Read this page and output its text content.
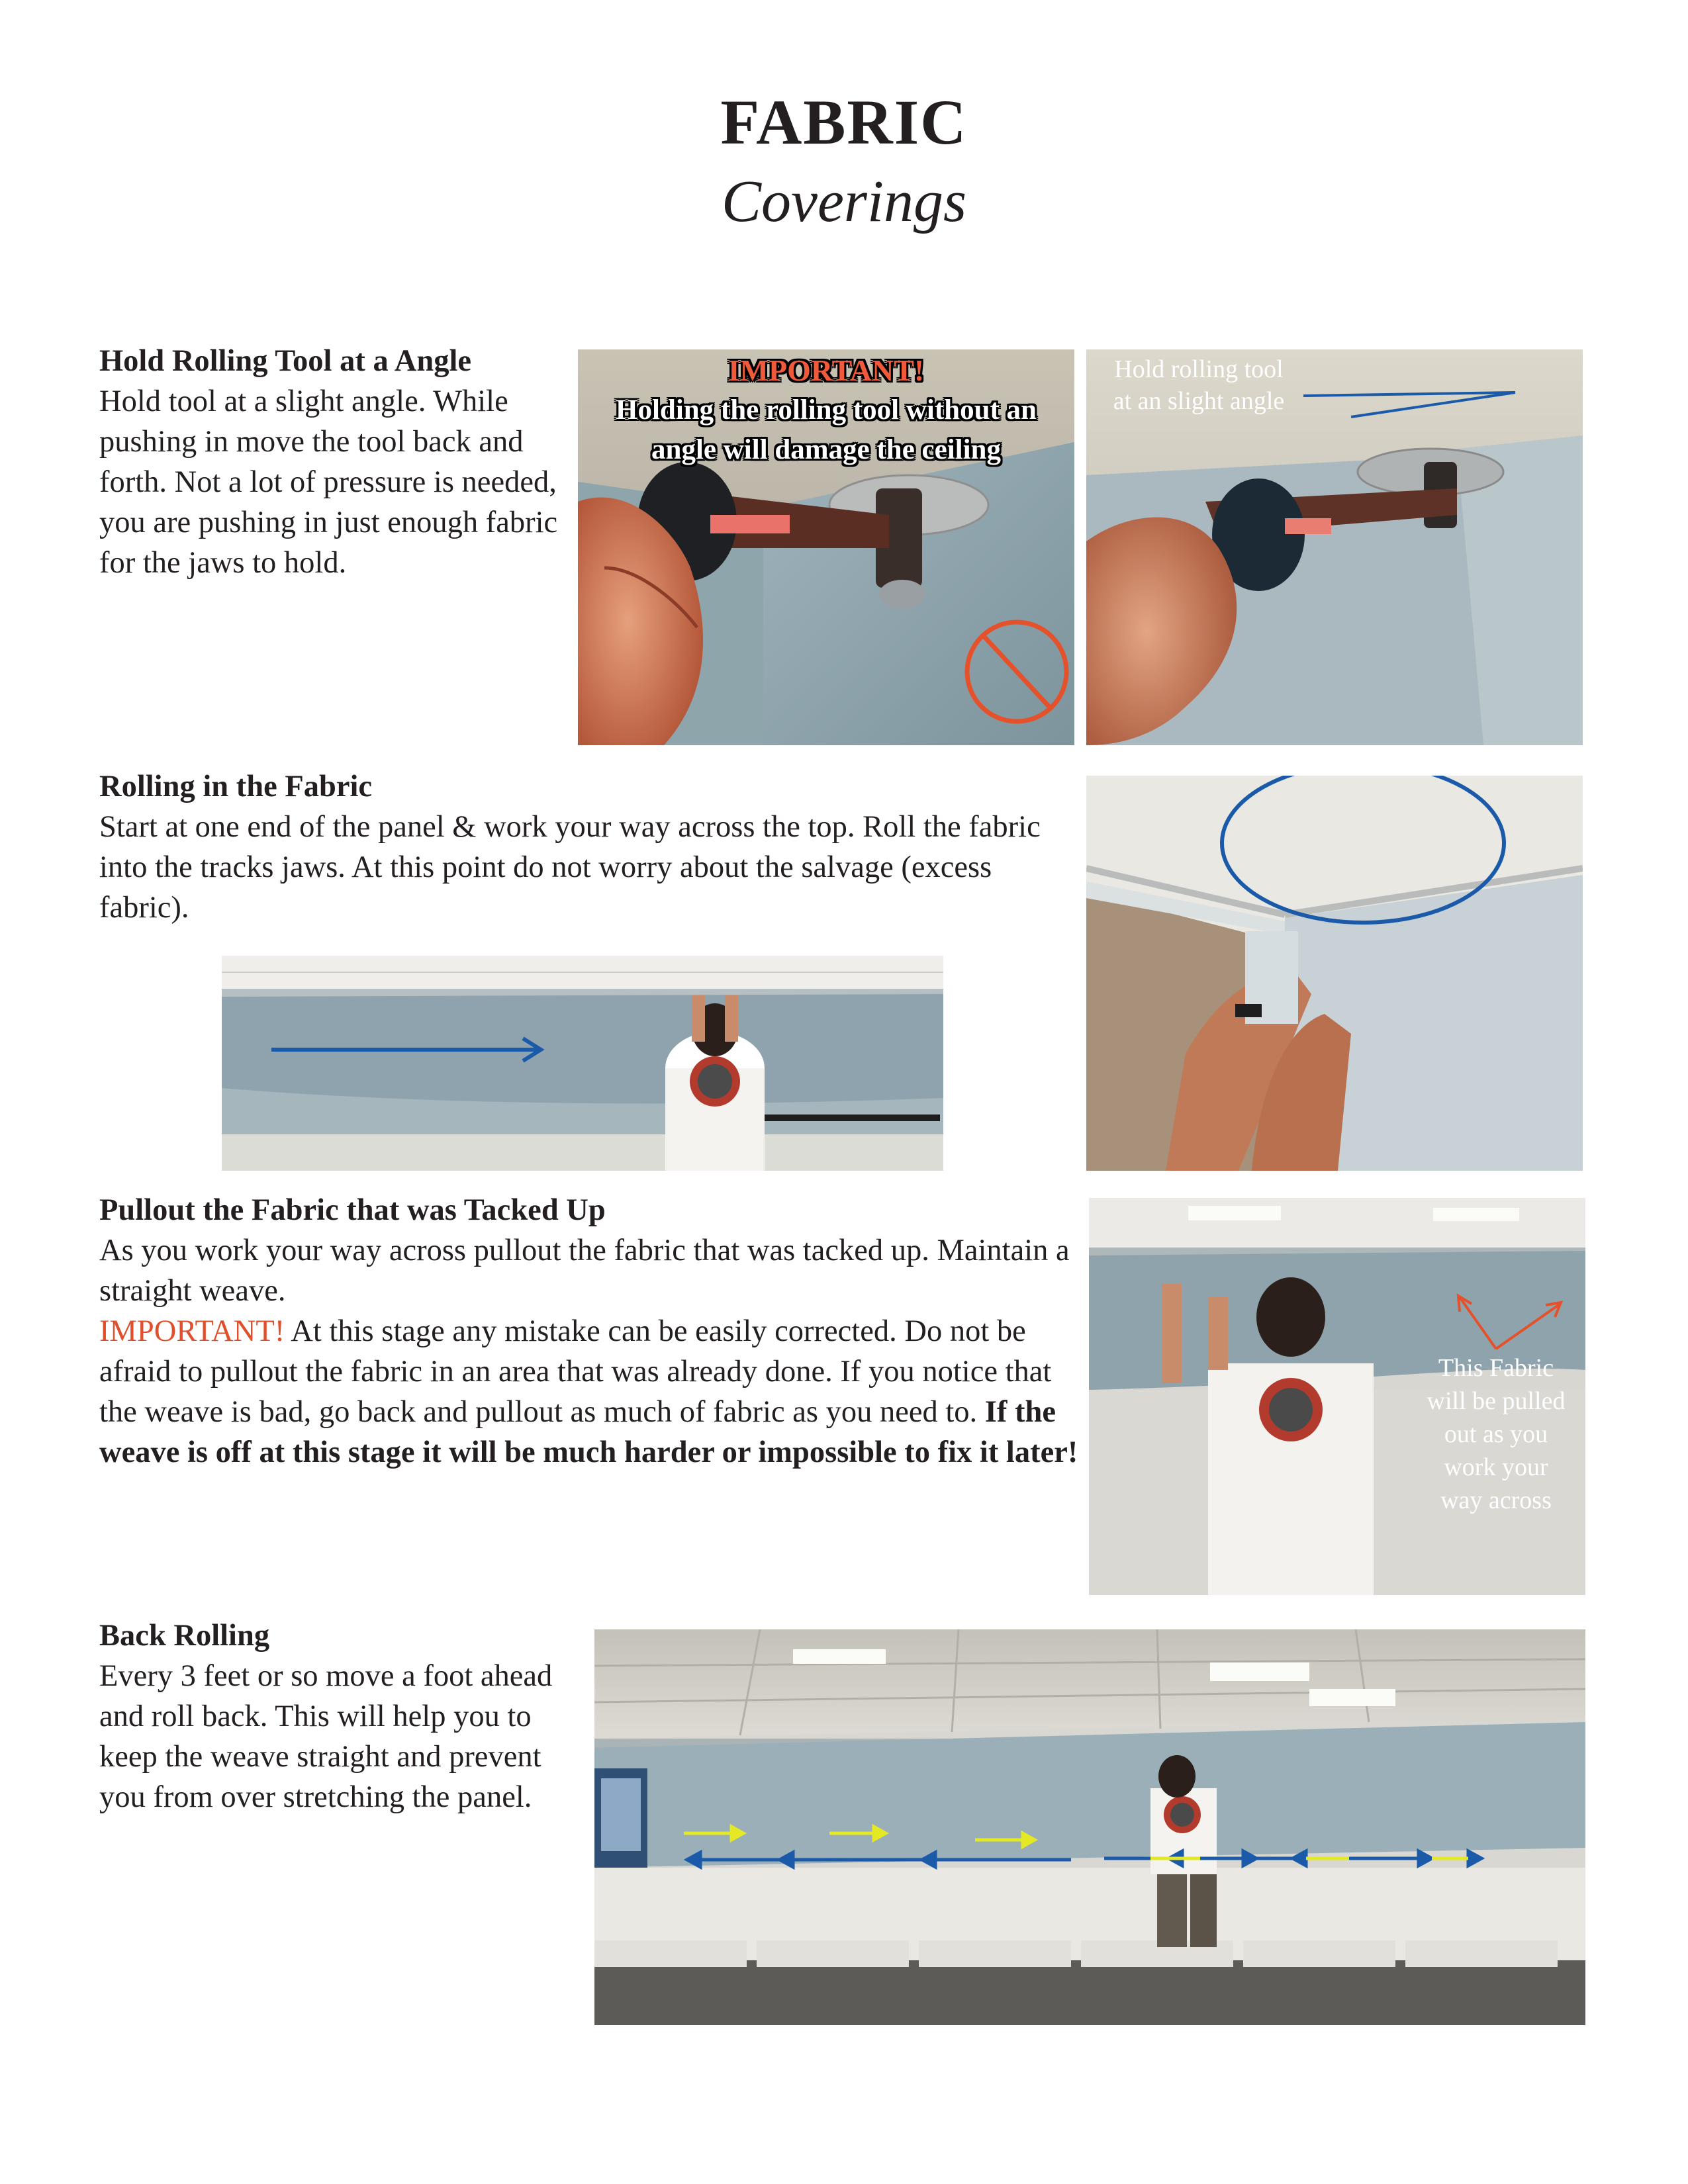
FABRIC
Coverings
Hold Rolling Tool at a Angle
Hold tool at a slight angle. While pushing in move the tool back and forth. Not a lot of pressure is needed, you are pushing in just enough fabric for the jaws to hold.
IMPORTANT!
Holding the rolling tool without an
angle will damage the ceiling
Hold rolling tool
at an slight angle
Rolling in the Fabric
Start at one end of the panel & work your way across the top. Roll the fabric into the tracks jaws. At this point do not worry about the salvage (excess fabric).
Pullout the Fabric that was Tacked Up
As you work your way across pullout the fabric that was tacked up. Maintain a straight weave.
IMPORTANT! At this stage any mistake can be easily corrected. Do not be afraid to pullout the fabric in an area that was already done. If you notice that the weave is bad, go back and pullout as much of fabric as you need to. If the weave is off at this stage it will be much harder or impossible to fix it later!
This Fabric
will be pulled
out as you
work your
way across
Back Rolling
Every 3 feet or so move a foot ahead and roll back. This will help you to keep the weave straight and prevent you from over stretching the panel.
